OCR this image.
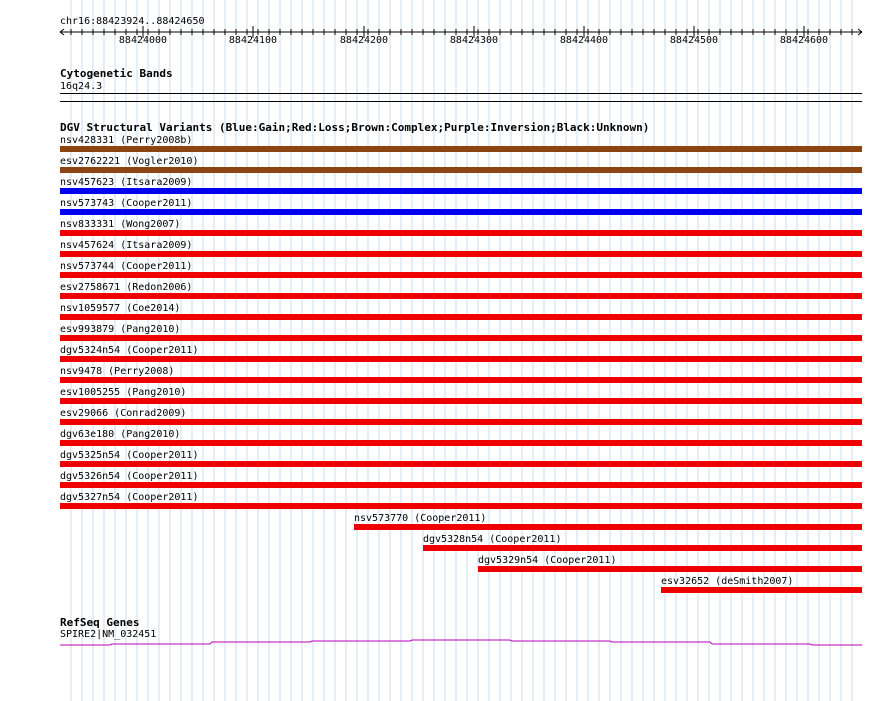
chr16:88423924..88424650
88424000	88424100	88424200	88424300	88424400	88424500	88424600
Cytogenetic Bands
16q24.3
DGV Structural Variants (Blue:Gain;Red:Loss;Brown:Complex;Purple:Inversion;Black:Unknown)
nsv428331 (Perry2008b)
esv2762221 (Vogler2010)
nsv457623 (Itsara2009)
nsv573743 (Cooper2011)
nsv833331 (Wong2007)
nsv457624 (Itsara2009)
nsv573744 (Cooper2011)
esv2758671 (Redon2006)
nsv1059577 (Coe2014)
esv993879 (Pang2010)
dgv5324n54 (Cooper2011)
nsv9478 (Perry2008)
esv1005255 (Pang2010)
esv29066 (Conrad2009)
dgv63e180 (Pang2010)
dgv5325n54 (Cooper2011)
dgv5326n54 (Cooper2011)
dgv5327n54 (Cooper2011)
nsv573770 (Cooper2011)
dgv5328n54 (Cooper2011)
dgv5329n54 (Cooper2011)
esv32652 (deSmith2007)
RefSeq Genes
SPIRE2|NM_032451
